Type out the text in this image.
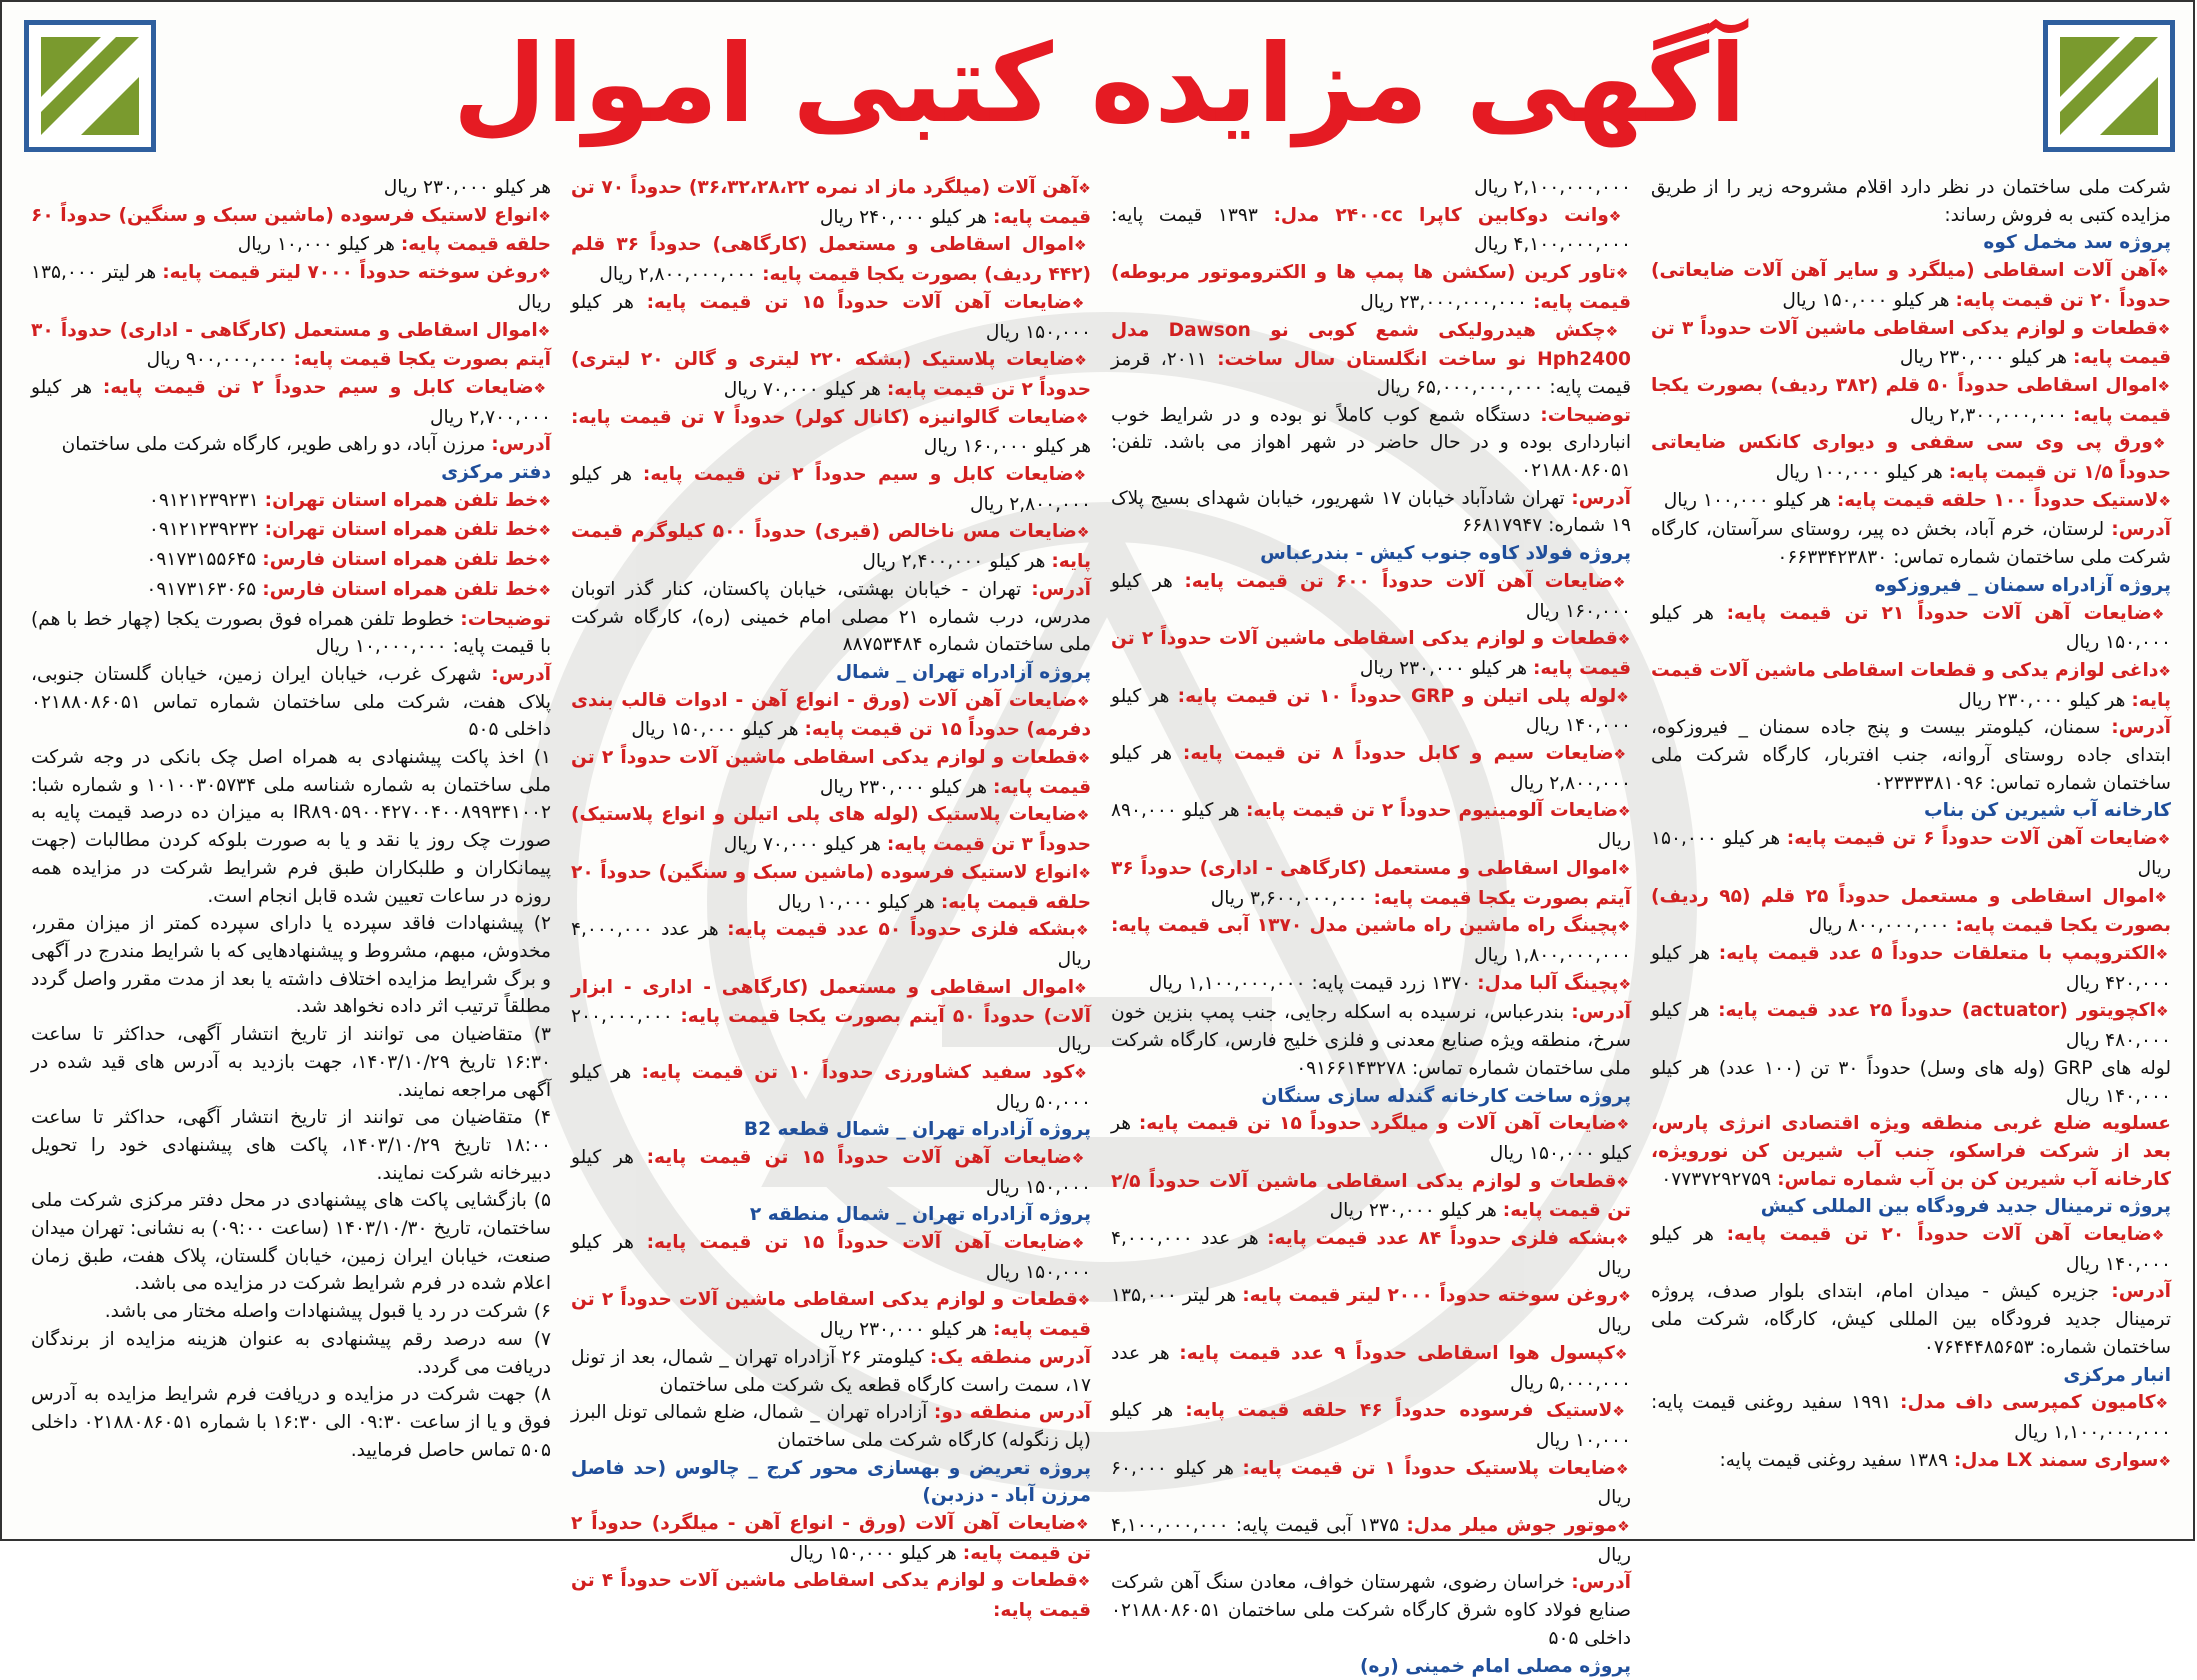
آگهی مزایده کتبی اموال

شرکت ملی ساختمان در نظر دارد اقلام مشروحه زیر را از طریق مزایده کتبی به فروش رساند:

پروژه سد مخمل کوه

❖ آهن آلات اسقاطی (میلگرد و سایر آهن آلات ضایعاتی) حدوداً ۲۰ تن قیمت پایه: هر کیلو ۱۵۰,۰۰۰ ریال

❖ قطعات و لوازم یدکی اسقاطی ماشین آلات حدوداً ۳ تن قیمت پایه: هر کیلو ۲۳۰,۰۰۰ ریال

❖ اموال اسقاطی حدوداً ۵۰ قلم (۳۸۲ ردیف) بصورت یکجا قیمت پایه: ۲,۳۰۰,۰۰۰,۰۰۰ ریال

❖ ورق پی وی سی سقفی و دیواری کانکس ضایعاتی حدوداً ۱/۵ تن قیمت پایه: هر کیلو ۱۰۰,۰۰۰ ریال

❖ لاستیک حدوداً ۱۰۰ حلقه قیمت پایه: هر کیلو ۱۰۰,۰۰۰ ریال

آدرس: لرستان، خرم آباد، بخش ده پیر، روستای سرآستان، کارگاه شرکت ملی ساختمان شماره تماس: ۰۶۶۳۳۴۲۳۸۳۰

پروژه آزادراه سمنان _ فیروزکوه

❖ ضایعات آهن آلات حدوداً ۲۱ تن قیمت پایه: هر کیلو ۱۵۰,۰۰۰ ریال

❖ داغی لوازم یدکی و قطعات اسقاطی ماشین آلات قیمت پایه: هر کیلو ۲۳۰,۰۰۰ ریال

آدرس: سمنان، کیلومتر بیست و پنج جاده سمنان _ فیروزکوه، ابتدای جاده روستای آروانه، جنب افتربار، کارگاه شرکت ملی ساختمان شماره تماس: ۰۲۳۳۳۳۸۱۰۹۶

کارخانه آب شیرین کن بناب

❖ ضایعات آهن آلات حدوداً ۶ تن قیمت پایه: هر کیلو ۱۵۰,۰۰۰ ریال

❖ اموال اسقاطی و مستعمل حدوداً ۲۵ قلم (۹۵ ردیف) بصورت یکجا قیمت پایه: ۸۰۰,۰۰۰,۰۰۰ ریال

❖ الکتروپمپ با متعلقات حدوداً ۵ عدد قیمت پایه: هر کیلو ۴۲۰,۰۰۰ ریال

❖ اکچویتور (actuator) حدوداً ۲۵ عدد قیمت پایه: هر کیلو ۴۸۰,۰۰۰ ریال

لوله های GRP (وله های وسل) حدوداً ۳۰ تن (۱۰۰ عدد) هر کیلو ۱۴۰,۰۰۰ ریال

عسلویه ضلع غربی منطقه ویژه اقتصادی انرژی پارس، بعد از شرکت فراسکو، جنب آب شیرین کن نورویژه، کارخانه آب شیرین کن بن آب شماره تماس: ۰۷۷۳۷۲۹۲۷۵۹

پروژه ترمینال جدید فرودگاه بین المللی کیش

❖ ضایعات آهن آلات حدوداً ۲۰ تن قیمت پایه: هر کیلو ۱۴۰,۰۰۰ ریال

آدرس: جزیره کیش - میدان امام، ابتدای بلوار صدف، پروژه ترمینال جدید فرودگاه بین المللی کیش، کارگاه، شرکت ملی ساختمان شماره: ۰۷۶۴۴۴۸۵۶۵۳

انبار مرکزی

❖ کامیون کمپرسی داف مدل: ۱۹۹۱ سفید روغنی قیمت پایه: ۱,۱۰۰,۰۰۰,۰۰۰ ریال

❖ سواری سمند LX مدل: ۱۳۸۹ سفید روغنی قیمت پایه:

۲,۱۰۰,۰۰۰,۰۰۰ ریال

❖ وانت دوکابین کاپرا ۲۴۰۰cc مدل: ۱۳۹۳ قیمت پایه: ۴,۱۰۰,۰۰۰,۰۰۰ ریال

❖ تاور کرین (سکشن ها پمپ ها و الکتروموتور مربوطه) قیمت پایه: ۲۳,۰۰۰,۰۰۰,۰۰۰ ریال

❖ چکش هیدرولیکی شمع کوبی نو Dawson مدل Hph2400 نو ساخت انگلستان سال ساخت: ۲۰۱۱، قرمز قیمت پایه: ۶۵,۰۰۰,۰۰۰,۰۰۰ ریال

توضیحات: دستگاه شمع کوب کاملاً نو بوده و در شرایط خوب انبارداری بوده و در حال حاضر در شهر اهواز می باشد. تلفن: ۰۲۱۸۸۰۸۶۰۵۱

آدرس: تهران شادآباد خیابان ۱۷ شهریور، خیابان شهدای بسیج پلاک ۱۹ شماره: ۶۶۸۱۷۹۴۷

پروژه فولاد کاوه جنوب کیش - بندرعباس

❖ ضایعات آهن آلات حدوداً ۶۰۰ تن قیمت پایه: هر کیلو ۱۶۰,۰۰۰ ریال

❖ قطعات و لوازم یدکی اسقاطی ماشین آلات حدوداً ۲ تن قیمت پایه: هر کیلو ۲۳۰,۰۰۰ ریال

❖ لوله پلی اتیلن و GRP حدوداً ۱۰ تن قیمت پایه: هر کیلو ۱۴۰,۰۰۰ ریال

❖ ضایعات سیم و کابل حدوداً ۸ تن قیمت پایه: هر کیلو ۲,۸۰۰,۰۰۰ ریال

❖ ضایعات آلومینیوم حدوداً ۲ تن قیمت پایه: هر کیلو ۸۹۰,۰۰۰ ریال

❖ اموال اسقاطی و مستعمل (کارگاهی - اداری) حدوداً ۳۶ آیتم بصورت یکجا قیمت پایه: ۳,۶۰۰,۰۰۰,۰۰۰ ریال

❖ پچینگ راه ماشین راه ماشین مدل ۱۳۷۰ آبی قیمت پایه: ۱,۸۰۰,۰۰۰,۰۰۰ ریال

❖ پچینگ آلبا مدل: ۱۳۷۰ زرد قیمت پایه: ۱,۱۰۰,۰۰۰,۰۰۰ ریال

آدرس: بندرعباس، نرسیده به اسکله رجایی، جنب پمپ بنزین خون سرخ، منطقه ویژه صنایع معدنی و فلزی خلیج فارس، کارگاه شرکت ملی ساختمان شماره تماس: ۰۹۱۶۶۱۴۳۲۷۸

پروژه ساخت کارخانه گندله سازی سنگان

❖ ضایعات آهن آلات و میلگرد حدوداً ۱۵ تن قیمت پایه: هر کیلو ۱۵۰,۰۰۰ ریال

❖ قطعات و لوازم یدکی اسقاطی ماشین آلات حدوداً ۲/۵ تن قیمت پایه: هر کیلو ۲۳۰,۰۰۰ ریال

❖ بشکه فلزی حدوداً ۸۴ عدد قیمت پایه: هر عدد ۴,۰۰۰,۰۰۰ ریال

❖ روغن سوخته حدوداً ۲۰۰۰ لیتر قیمت پایه: هر لیتر ۱۳۵,۰۰۰ ریال

❖ کپسول هوا اسقاطی حدوداً ۹ عدد قیمت پایه: هر عدد ۵,۰۰۰,۰۰۰ ریال

❖ لاستیک فرسوده حدوداً ۴۶ حلقه قیمت پایه: هر کیلو ۱۰,۰۰۰ ریال

❖ ضایعات پلاستیک حدوداً ۱ تن قیمت پایه: هر کیلو ۶۰,۰۰۰ ریال

❖ موتور جوش میلر مدل: ۱۳۷۵ آبی قیمت پایه: ۴,۱۰۰,۰۰۰,۰۰۰ ریال

آدرس: خراسان رضوی، شهرستان خواف، معادن سنگ آهن شرکت صنایع فولاد کاوه شرق کارگاه شرکت ملی ساختمان ۰۲۱۸۸۰۸۶۰۵۱ داخلی ۵۰۵

پروژه مصلی امام خمینی (ره)

❖ آهن آلات (میلگرد ماز اد نمره ۳۶،۳۲،۲۸،۲۲) حدوداً ۷۰ تن قیمت پایه: هر کیلو ۲۴۰,۰۰۰ ریال

❖ اموال اسقاطی و مستعمل (کارگاهی) حدوداً ۳۶ قلم (۴۴۲ ردیف) بصورت یکجا قیمت پایه: ۲,۸۰۰,۰۰۰,۰۰۰ ریال

❖ ضایعات آهن آلات حدوداً ۱۵ تن قیمت پایه: هر کیلو ۱۵۰,۰۰۰ ریال

❖ ضایعات پلاستیک (بشکه ۲۲۰ لیتری و گالن ۲۰ لیتری) حدوداً ۲ تن قیمت پایه: هر کیلو ۷۰,۰۰۰ ریال

❖ ضایعات گالوانیزه (کانال کولر) حدوداً ۷ تن قیمت پایه: هر کیلو ۱۶۰,۰۰۰ ریال

❖ ضایعات کابل و سیم حدوداً ۲ تن قیمت پایه: هر کیلو ۲,۸۰۰,۰۰۰ ریال

❖ ضایعات مس ناخالص (قیری) حدوداً ۵۰۰ کیلوگرم قیمت پایه: هر کیلو ۲,۴۰۰,۰۰۰ ریال

آدرس: تهران - خیابان بهشتی، خیابان پاکستان، کنار گذر اتوبان مدرس، درب شماره ۲۱ مصلی امام خمینی (ره)، کارگاه شرکت ملی ساختمان شماره ۸۸۷۵۳۴۸۴

پروژه آزادراه تهران _ شمال

❖ ضایعات آهن آلات (ورق - انواع آهن - ادوات قالب بندی دفرمه) حدوداً ۱۵ تن قیمت پایه: هر کیلو ۱۵۰,۰۰۰ ریال

❖ قطعات و لوازم یدکی اسقاطی ماشین آلات حدوداً ۲ تن قیمت پایه: هر کیلو ۲۳۰,۰۰۰ ریال

❖ ضایعات پلاستیک (لوله های پلی اتیلن و انواع پلاستیک) حدوداً ۳ تن قیمت پایه: هر کیلو ۷۰,۰۰۰ ریال

❖ انواع لاستیک فرسوده (ماشین سبک و سنگین) حدوداً ۲۰ حلقه قیمت پایه: هر کیلو ۱۰,۰۰۰ ریال

❖ بشکه فلزی حدوداً ۵۰ عدد قیمت پایه: هر عدد ۴,۰۰۰,۰۰۰ ریال

❖ اموال اسقاطی و مستعمل (کارگاهی - اداری - ابزار آلات) حدوداً ۵۰ آیتم بصورت یکجا قیمت پایه: ۲۰۰,۰۰۰,۰۰۰ ریال

❖ کود سفید کشاورزی حدوداً ۱۰ تن قیمت پایه: هر کیلو ۵۰,۰۰۰ ریال

پروژه آزادراه تهران _ شمال قطعه B2

❖ ضایعات آهن آلات حدوداً ۱۵ تن قیمت پایه: هر کیلو ۱۵۰,۰۰۰ ریال

پروژه آزادراه تهران _ شمال منطقه ۲

❖ ضایعات آهن آلات حدوداً ۱۵ تن قیمت پایه: هر کیلو ۱۵۰,۰۰۰ ریال

❖ قطعات و لوازم یدکی اسقاطی ماشین آلات حدوداً ۲ تن قیمت پایه: هر کیلو ۲۳۰,۰۰۰ ریال

آدرس منطقه یک: کیلومتر ۲۶ آزادراه تهران _ شمال، بعد از تونل ۱۷، سمت راست کارگاه قطعه یک شرکت ملی ساختمان

آدرس منطقه دو: آزادراه تهران _ شمال، ضلع شمالی تونل البرز (پل زنگوله) کارگاه شرکت ملی ساختمان

پروژه تعریض و بهسازی محور کرج _ چالوس (حد فاصل مرزن آباد - دزدبن)

❖ ضایعات آهن آلات (ورق - انواع آهن - میلگرد) حدوداً ۲ تن قیمت پایه: هر کیلو ۱۵۰,۰۰۰ ریال

❖ قطعات و لوازم یدکی اسقاطی ماشین آلات حدوداً ۴ تن قیمت پایه:

هر کیلو ۲۳۰,۰۰۰ ریال

❖ انواع لاستیک فرسوده (ماشین سبک و سنگین) حدوداً ۶۰ حلقه قیمت پایه: هر کیلو ۱۰,۰۰۰ ریال

❖ روغن سوخته حدوداً ۷۰۰۰ لیتر قیمت پایه: هر لیتر ۱۳۵,۰۰۰ ریال

❖ اموال اسقاطی و مستعمل (کارگاهی - اداری) حدوداً ۳۰ آیتم بصورت یکجا قیمت پایه: ۹۰۰,۰۰۰,۰۰۰ ریال

❖ ضایعات کابل و سیم حدوداً ۲ تن قیمت پایه: هر کیلو ۲,۷۰۰,۰۰۰ ریال

آدرس: مرزن آباد، دو راهی طویر، کارگاه شرکت ملی ساختمان

دفتر مرکزی

❖ خط تلفن همراه استان تهران: ۰۹۱۲۱۲۳۹۲۳۱

❖ خط تلفن همراه استان تهران: ۰۹۱۲۱۲۳۹۲۳۲

❖ خط تلفن همراه استان فارس: ۰۹۱۷۳۱۵۵۶۴۵

❖ خط تلفن همراه استان فارس: ۰۹۱۷۳۱۶۳۰۶۵

توضیحات: خطوط تلفن همراه فوق بصورت یکجا (چهار خط با هم) با قیمت پایه: ۱۰,۰۰۰,۰۰۰ ریال

آدرس: شهرک غرب، خیابان ایران زمین، خیابان گلستان جنوبی، پلاک هفت، شرکت ملی ساختمان شماره تماس ۰۲۱۸۸۰۸۶۰۵۱ داخلی ۵۰۵

۱) اخذ پاکت پیشنهادی به همراه اصل چک بانکی در وجه شرکت ملی ساختمان به شماره شناسه ملی ۱۰۱۰۰۳۰۵۷۳۴ و شماره شبا: IR۸۹۰۵۹۰۰۴۲۷۰۰۴۰۰۸۹۹۳۴۱۰۰۲ به میزان ده درصد قیمت پایه به صورت چک روز یا نقد و یا به صورت بلوکه کردن مطالبات (جهت پیمانکاران و طلبکاران طبق فرم شرایط شرکت در مزایده همه روزه در ساعات تعیین شده قابل انجام است.

۲) پیشنهادات فاقد سپرده یا دارای سپرده کمتر از میزان مقرر، مخدوش، مبهم، مشروط و پیشنهادهایی که با شرایط مندرج در آگهی و برگ شرایط مزایده اختلاف داشته یا بعد از مدت مقرر واصل گردد مطلقاً ترتیب اثر داده نخواهد شد.

۳) متقاضیان می توانند از تاریخ انتشار آگهی، حداکثر تا ساعت ۱۶:۳۰ تاریخ ۱۴۰۳/۱۰/۲۹، جهت بازدید به آدرس های قید شده در آگهی مراجعه نمایند.

۴) متقاضیان می توانند از تاریخ انتشار آگهی، حداکثر تا ساعت ۱۸:۰۰ تاریخ ۱۴۰۳/۱۰/۲۹، پاکت های پیشنهادی خود را تحویل دبیرخانه شرکت نمایند.

۵) بازگشایی پاکت های پیشنهادی در محل دفتر مرکزی شرکت ملی ساختمان، تاریخ ۱۴۰۳/۱۰/۳۰ (ساعت ۰۹:۰۰) به نشانی: تهران میدان صنعت، خیابان ایران زمین، خیابان گلستان، پلاک هفت، طبق زمان اعلام شده در فرم شرایط شرکت در مزایده می باشد.

۶) شرکت در رد یا قبول پیشنهادات واصله مختار می باشد.

۷) سه درصد رقم پیشنهادی به عنوان هزینه مزایده از برندگان دریافت می گردد.

۸) جهت شرکت در مزایده و دریافت فرم شرایط مزایده به آدرس فوق و یا از ساعت ۰۹:۳۰ الی ۱۶:۳۰ با شماره ۰۲۱۸۸۰۸۶۰۵۱ داخلی ۵۰۵ تماس حاصل فرمایید.
